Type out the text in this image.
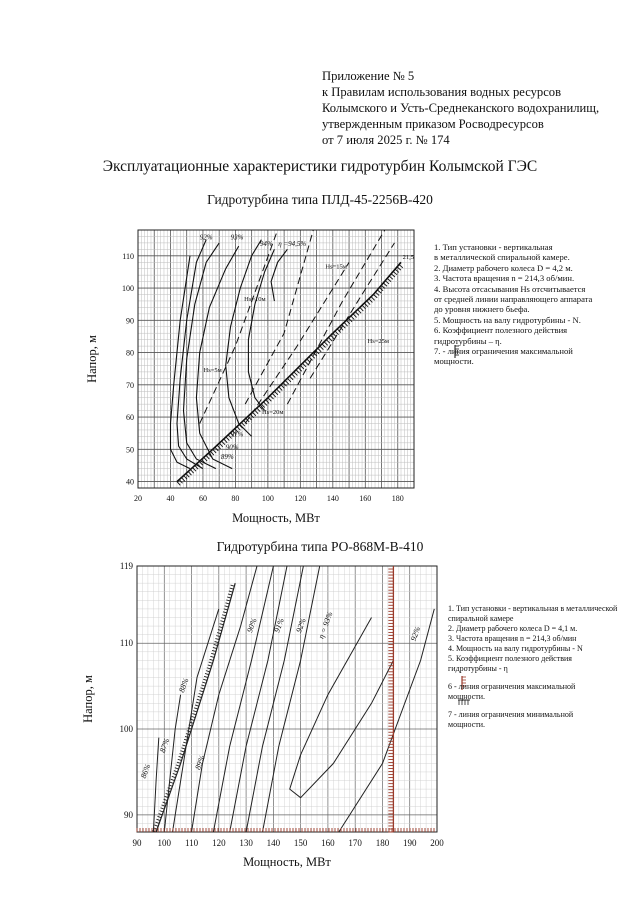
Приложение № 5
к Правилам использования водных ресурсов
Колымского и Усть-Среднеканского водохранилищ,
утвержденным приказом Росводресурсов
от 7 июля 2025 г. № 174
Эксплуатационные характеристики гидротурбин Колымской ГЭС
Гидротурбина типа ПЛД-45-2256В-420
Гидротурбина типа РО-868М-В-410
20	40	60	80	100	120	140	160	180
40
50
60
70
80
90
100
110
Мощность, МВт
Напор, м
92%	93%
94% η =94,5%
91%
90%
89%
Hs=15м
Hs=10м
Hs=5м
Hs=20м
Hs=25м
21,5
90 100 110 120 130 140 150 160 170 180 190 200
90
100
110
119
Мощность, МВт
Напор, м
86%
87%
88%
89%
90% 91% 92% η = 93%	92%
1. Тип установки - вертикальная
в металлической спиральной камере.
2. Диаметр рабочего колеса D = 4,2 м.
3. Частота вращения n = 214,3 об/мин.
4. Высота отсасывания Hs отсчитывается
от средней линии направляющего аппарата
до уровня нижнего бьефа.
5. Мощность на валу гидротурбины - N.
6. Коэффициент полезного действия
гидротурбины – η.
7. - линия ограничения максимальной
мощности.
1. Тип установки - вертикальная в металлической
спиральной камере
2. Диаметр рабочего колеса D = 4,1 м.
3. Частота вращения n = 214,3 об/мин
4. Мощность на валу гидротурбины - N
5. Коэффициент полезного действия
гидротурбины - η
6 - линия ограничения максимальной
мощности.
7 - линия ограничения минимальной
мощности.
